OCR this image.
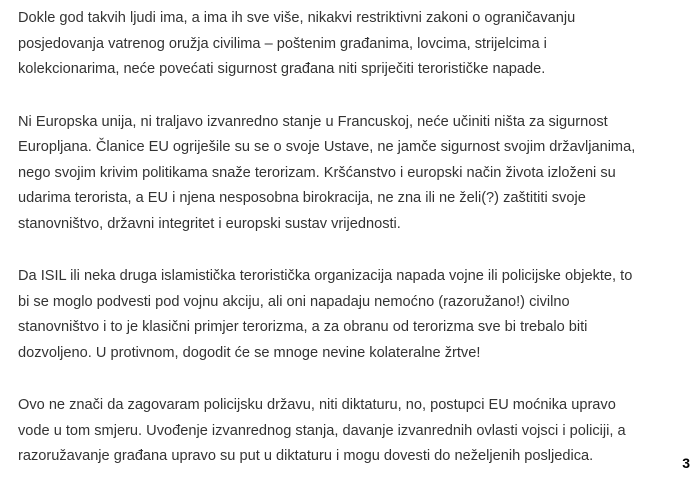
Dokle god takvih ljudi ima, a ima ih sve više, nikakvi restriktivni zakoni o ograničavanju
posjedovanja vatrenog oružja civilima – poštenim građanima, lovcima, strijelcima i
kolekcionarima, neće povećati sigurnost građana niti spriječiti terorističke napade.

Ni Europska unija, ni traljavo izvanredno stanje u Francuskoj, neće učiniti ništa za sigurnost
Europljana. Članice EU ogriješile su se o svoje Ustave, ne jamče sigurnost svojim državljanima,
nego svojim krivim politikama snaže terorizam. Kršćanstvo i europski način života izloženi su
udarima terorista, a EU i njena nesposobna birokracija, ne zna ili ne želi(?) zaštititi svoje
stanovništvo, državni integritet i europski sustav vrijednosti.

Da ISIL ili neka druga islamistička teroristička organizacija napada vojne ili policijske objekte, to
bi se moglo podvesti pod vojnu akciju, ali oni napadaju nemoćno (razoružano!) civilno
stanovništvo i to je klasični primjer terorizma, a za obranu od terorizma sve bi trebalo biti
dozvoljeno. U protivnom, dogodit će se mnoge nevine kolateralne žrtve!

Ovo ne znači da zagovaram policijsku državu, niti diktaturu, no, postupci EU moćnika upravo
vode u tom smjeru. Uvođenje izvanrednog stanja, davanje izvanrednih ovlasti vojsci i policiji, a
razoružavanje građana upravo su put u diktaturu i mogu dovesti do neželjenih posljedica.	3
